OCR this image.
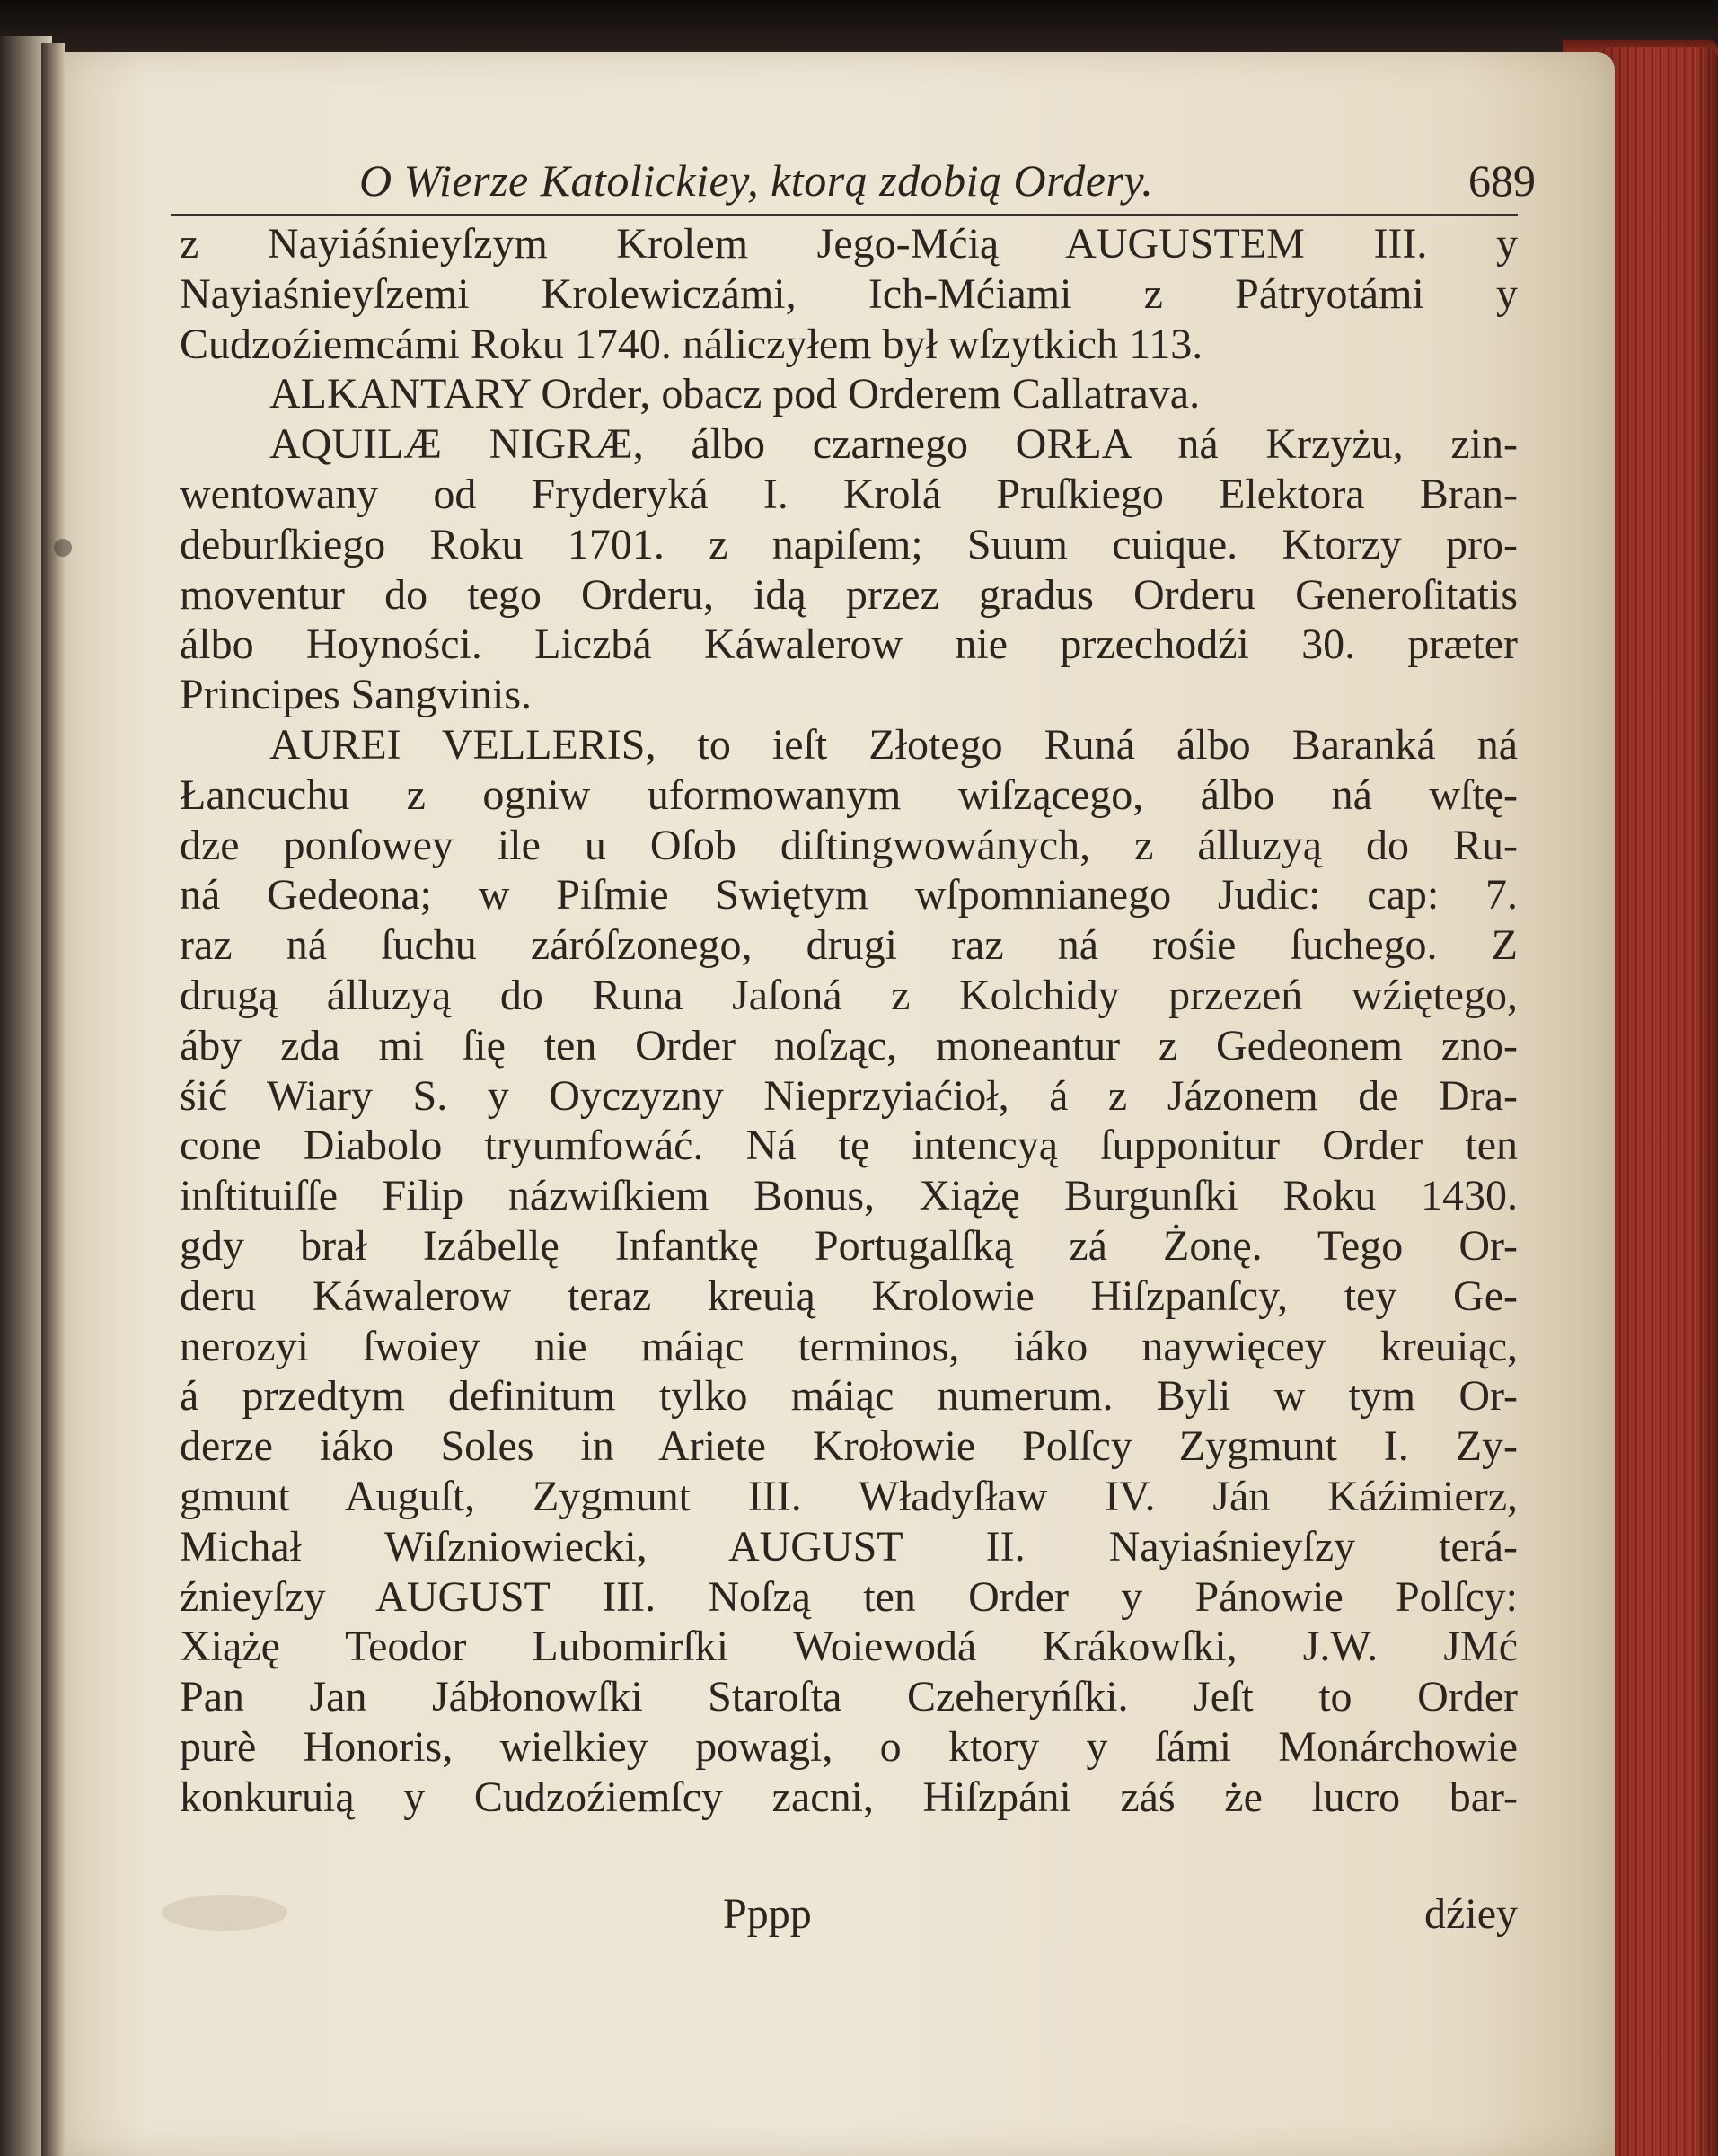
O Wierze Katolickiey, ktorą zdobią Ordery.	689
z Nayiáśnieyſzym Krolem Jego-Mćią AUGUSTEM III. y
Nayiaśnieyſzemi Krolewiczámi, Ich-Mćiami z Pátryotámi y
Cudzoźiemcámi Roku 1740. náliczyłem był wſzytkich 113.
ALKANTARY Order, obacz pod Orderem Callatrava.
AQUILÆ NIGRÆ, álbo czarnego ORŁA ná Krzyżu, zin-
wentowany od Fryderyká I. Krolá Pruſkiego Elektora Bran-
deburſkiego Roku 1701. z napiſem; Suum cuique. Ktorzy pro-
moventur do tego Orderu, idą przez gradus Orderu Generoſitatis
álbo Hoyności. Liczbá Káwalerow nie przechodźi 30. præter
Principes Sangvinis.
AUREI VELLERIS, to ieſt Złotego Runá álbo Baranká ná
Łancuchu z ogniw uformowanym wiſzącego, álbo ná wſtę-
dze ponſowey ile u Oſob diſtingwowánych, z álluzyą do Ru-
ná Gedeona; w Piſmie Swiętym wſpomnianego Judic: cap: 7.
raz ná ſuchu záróſzonego, drugi raz ná rośie ſuchego. Z
drugą álluzyą do Runa Jaſoná z Kolchidy przezeń wźiętego,
áby zda mi ſię ten Order noſząc, moneantur z Gedeonem zno-
śić Wiary S. y Oyczyzny Nieprzyiaćioł, á z Jázonem de Dra-
cone Diabolo tryumfowáć. Ná tę intencyą ſupponitur Order ten
inſtituiſſe Filip názwiſkiem Bonus, Xiążę Burgunſki Roku 1430.
gdy brał Izábellę Infantkę Portugalſką zá Żonę. Tego Or-
deru Káwalerow teraz kreuią Krolowie Hiſzpanſcy, tey Ge-
nerozyi ſwoiey nie máiąc terminos, iáko naywięcey kreuiąc,
á przedtym definitum tylko máiąc numerum. Byli w tym Or-
derze iáko Soles in Ariete Krołowie Polſcy Zygmunt I. Zy-
gmunt Auguſt, Zygmunt III. Władyſław IV. Ján Káźimierz,
Michał Wiſzniowiecki, AUGUST II. Nayiaśnieyſzy terá-
źnieyſzy AUGUST III. Noſzą ten Order y Pánowie Polſcy:
Xiążę Teodor Lubomirſki Woiewodá Krákowſki, J.W. JMć
Pan Jan Jábłonowſki Staroſta Czeheryńſki. Jeſt to Order
purè Honoris, wielkiey powagi, o ktory y ſámi Monárchowie
konkuruią y Cudzoźiemſcy zacni, Hiſzpáni záś że lucro bar-
Pppp	dźiey
